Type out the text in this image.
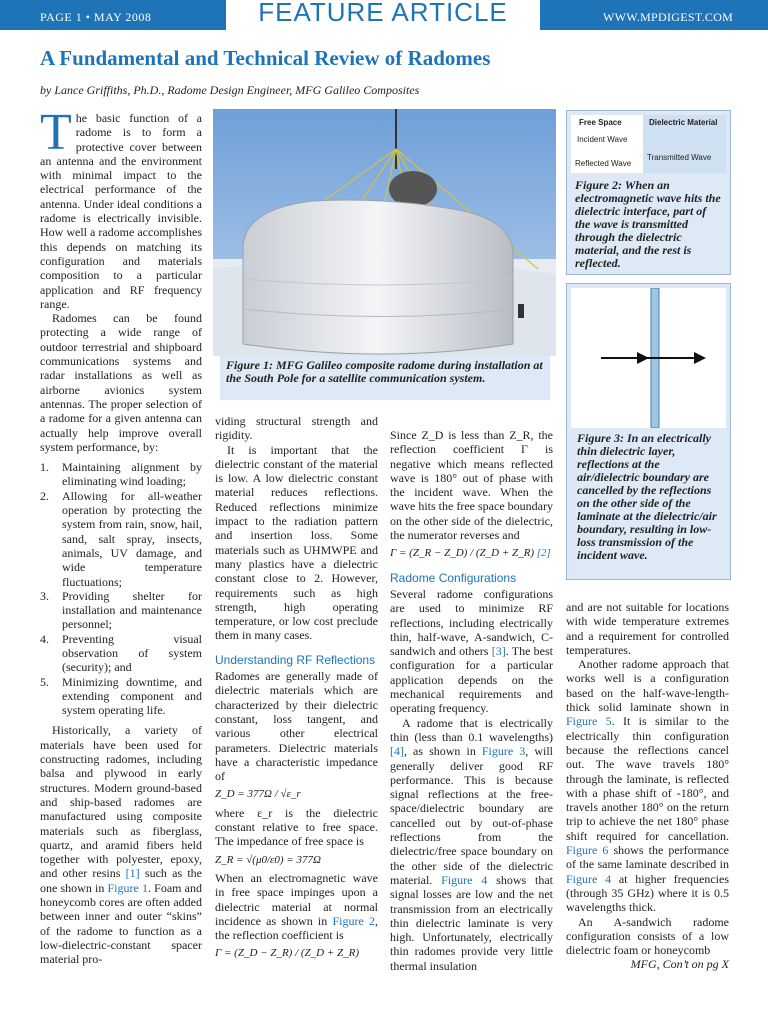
PAGE 1 • MAY 2008	FEATURE ARTICLE	WWW.MPDIGEST.COM
A Fundamental and Technical Review of Radomes
by Lance Griffiths, Ph.D., Radome Design Engineer, MFG Galileo Composites

The basic function of a radome is to form a protective cover between an antenna and the environment with minimal impact to the electrical performance of the antenna. Under ideal conditions a radome is electrically invisible. How well a radome accomplishes this depends on matching its configuration and materials composition to a particular application and RF frequency range.

Radomes can be found protecting a wide range of outdoor terrestrial and shipboard communications systems and radar installations as well as airborne avionics system antennas. The proper selection of a radome for a given antenna can actually help improve overall system performance, by:

1.	Maintaining alignment by eliminating wind loading;
2.	Allowing for all-weather operation by protecting the system from rain, snow, hail, sand, salt spray, insects, animals, UV damage, and wide temperature fluctuations;
3.	Providing shelter for installation and maintenance personnel;
4.	Preventing visual observation of system (security); and
5.	Minimizing downtime, and extending component and system operating life.

Historically, a variety of materials have been used for constructing radomes, including balsa and plywood in early structures. Modern ground-based and ship-based radomes are manufactured using composite materials such as fiberglass, quartz, and aramid fibers held together with polyester, epoxy, and other resins [1] such as the one shown in Figure 1. Foam and honeycomb cores are often added between inner and outer “skins” of the radome to function as a low-dielectric-constant spacer material pro-

Figure 1: MFG Galileo composite radome during installation at the South Pole for a satellite communication system.

viding structural strength and rigidity.

It is important that the dielectric constant of the material is low. A low dielectric constant material reduces reflections. Reduced reflections minimize impact to the radiation pattern and insertion loss. Some materials such as UHMWPE and many plastics have a dielectric constant close to 2. However, requirements such as high strength, high operating temperature, or low cost preclude them in many cases.

Understanding RF Reflections

Radomes are generally made of dielectric materials which are characterized by their dielectric constant, loss tangent, and various other electrical parameters. Dielectric materials have a characteristic impedance of

Z_D = 377Ω / √ε_r

where ε_r is the dielectric constant relative to free space. The impedance of free space is

Z_R = √(μ0/ε0) = 377Ω

When an electromagnetic wave in free space impinges upon a dielectric material at normal incidence as shown in Figure 2, the reflection coefficient is

Γ = (Z_D − Z_R) / (Z_D + Z_R)

Since Z_D is less than Z_R, the reflection coefficient Γ is negative which means reflected wave is 180° out of phase with the incident wave. When the wave hits the free space boundary on the other side of the dielectric, the numerator reverses and

Γ = (Z_R − Z_D) / (Z_D + Z_R) [2]
Radome Configurations

Several radome configurations are used to minimize RF reflections, including electrically thin, half-wave, A-sandwich, C-sandwich and others [3]. The best configuration for a particular application depends on the mechanical requirements and operating frequency.

A radome that is electrically thin (less than 0.1 wavelengths) [4], as shown in Figure 3, will generally deliver good RF performance. This is because signal reflections at the free-space/dielectric boundary are cancelled out by out-of-phase reflections from the dielectric/free space boundary on the other side of the dielectric material. Figure 4 shows that signal losses are low and the net transmission from an electrically thin dielectric laminate is very high. Unfortunately, electrically thin radomes provide very little thermal insulation

Free Space	Dielectric Material
Incident Wave
Reflected Wave
Transmitted Wave
Figure 2: When an electromagnetic wave hits the dielectric interface, part of the wave is transmitted through the dielectric material, and the rest is reflected.
Figure 3: In an electrically thin dielectric layer, reflections at the air/dielectric boundary are cancelled by the reflections on the other side of the laminate at the dielectric/air boundary, resulting in low-loss transmission of the incident wave.

and are not suitable for locations with wide temperature extremes and a requirement for controlled temperatures.

Another radome approach that works well is a configuration based on the half-wave-length-thick solid laminate shown in Figure 5. It is similar to the electrically thin configuration because the reflections cancel out. The wave travels 180° through the laminate, is reflected with a phase shift of -180°, and travels another 180° on the return trip to achieve the net 180° phase shift required for cancellation. Figure 6 shows the performance of the same laminate described in Figure 4 at higher frequencies (through 35 GHz) where it is 0.5 wavelengths thick.

An A-sandwich radome configuration consists of a low dielectric foam or honeycomb

MFG, Con’t on pg X
